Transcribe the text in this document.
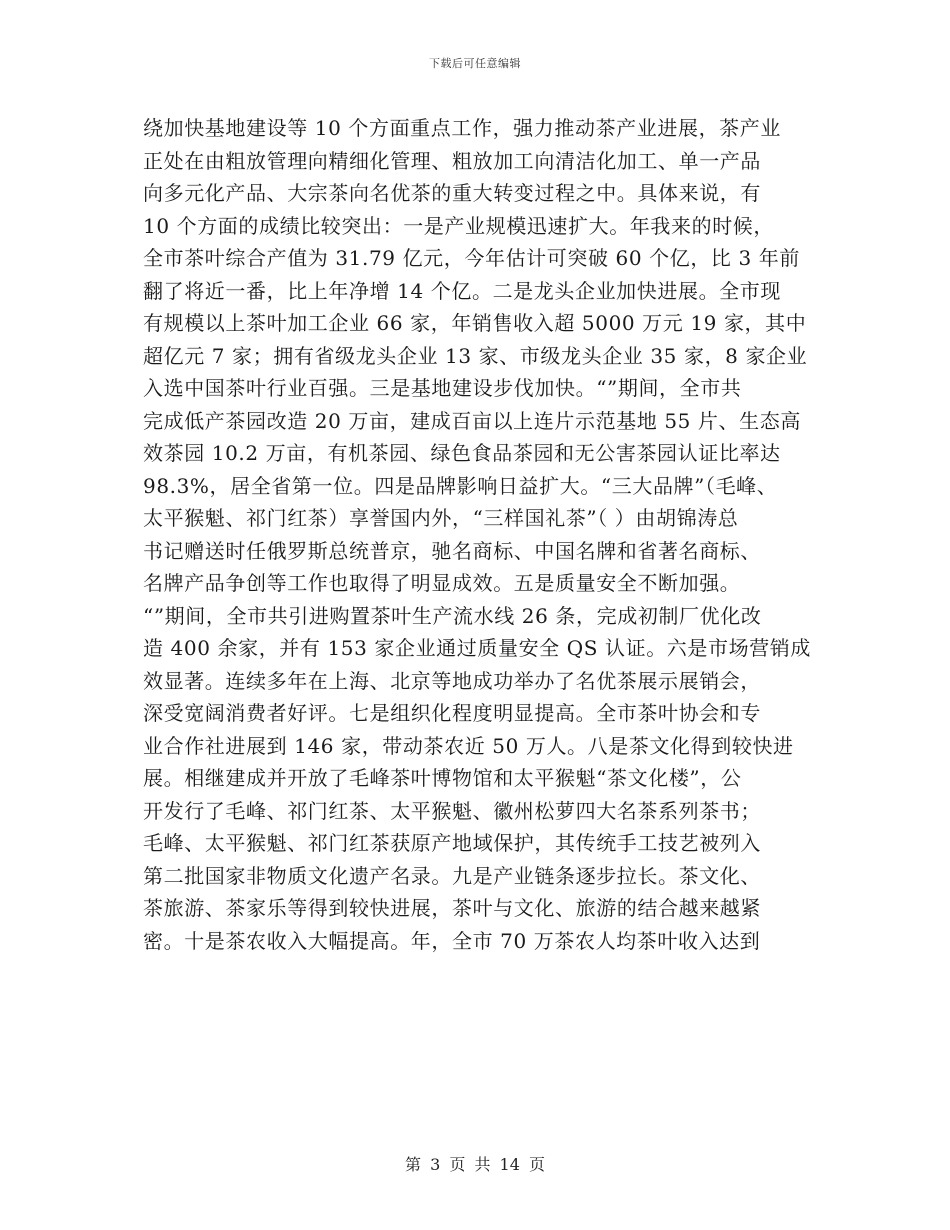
下载后可任意编辑
绕加快基地建设等 10 个方面重点工作，强力推动茶产业进展，茶产业
正处在由粗放管理向精细化管理、粗放加工向清洁化加工、单一产品
向多元化产品、大宗茶向名优茶的重大转变过程之中。具体来说，有
10 个方面的成绩比较突出：一是产业规模迅速扩大。年我来的时候，
全市茶叶综合产值为 31.79 亿元，今年估计可突破 60 个亿，比 3 年前
翻了将近一番，比上年净增 14 个亿。二是龙头企业加快进展。全市现
有规模以上茶叶加工企业 66 家，年销售收入超 5000 万元 19 家，其中
超亿元 7 家；拥有省级龙头企业 13 家、市级龙头企业 35 家，8 家企业
入选中国茶叶行业百强。三是基地建设步伐加快。“”期间，全市共
完成低产茶园改造 20 万亩，建成百亩以上连片示范基地 55 片、生态高
效茶园 10.2 万亩，有机茶园、绿色食品茶园和无公害茶园认证比率达
98.3%，居全省第一位。四是品牌影响日益扩大。“三大品牌”（毛峰、
太平猴魁、祁门红茶）享誉国内外，“三样国礼茶”（ ）由胡锦涛总
书记赠送时任俄罗斯总统普京，驰名商标、中国名牌和省著名商标、
名牌产品争创等工作也取得了明显成效。五是质量安全不断加强。
“”期间，全市共引进购置茶叶生产流水线 26 条，完成初制厂优化改
造 400 余家，并有 153 家企业通过质量安全 QS 认证。六是市场营销成
效显著。连续多年在上海、北京等地成功举办了名优茶展示展销会，
深受宽阔消费者好评。七是组织化程度明显提高。全市茶叶协会和专
业合作社进展到 146 家，带动茶农近 50 万人。八是茶文化得到较快进
展。相继建成并开放了毛峰茶叶博物馆和太平猴魁“茶文化楼”，公
开发行了毛峰、祁门红茶、太平猴魁、徽州松萝四大名茶系列茶书；
毛峰、太平猴魁、祁门红茶获原产地域保护，其传统手工技艺被列入
第二批国家非物质文化遗产名录。九是产业链条逐步拉长。茶文化、
茶旅游、茶家乐等得到较快进展，茶叶与文化、旅游的结合越来越紧
密。十是茶农收入大幅提高。年，全市 70 万茶农人均茶叶收入达到
第 3 页 共 14 页
